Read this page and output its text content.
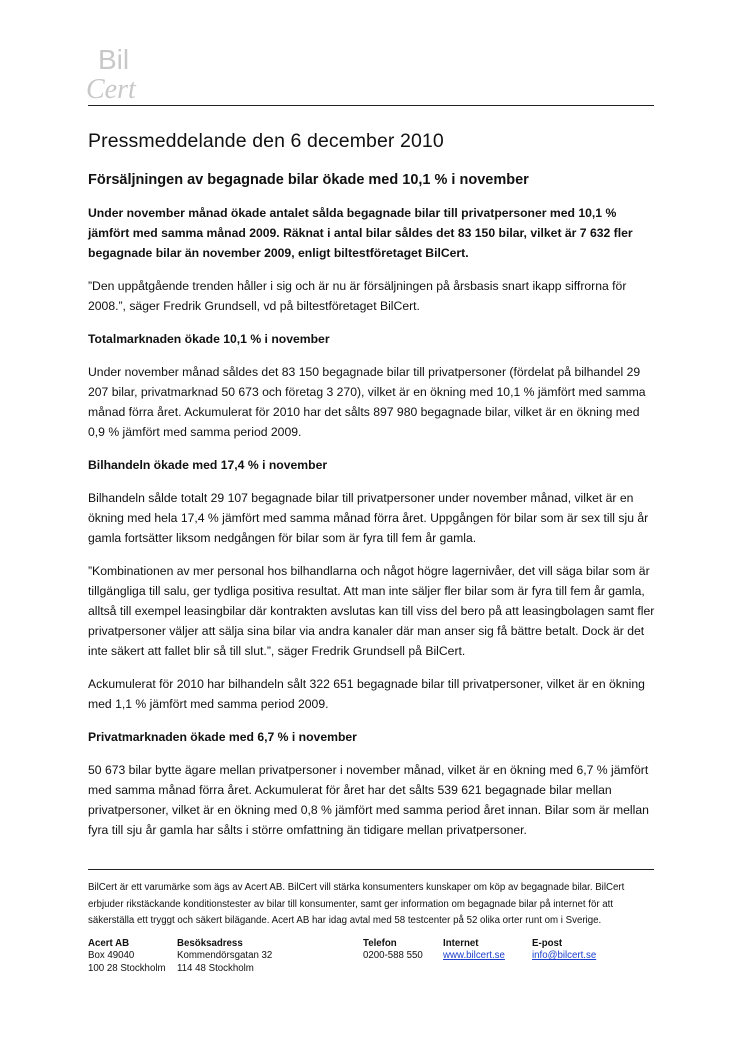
Bil
Cert
Pressmeddelande den 6 december 2010
Försäljningen av begagnade bilar ökade med 10,1 % i november

Under november månad ökade antalet sålda begagnade bilar till privatpersoner med 10,1 % jämfört med samma månad 2009. Räknat i antal bilar såldes det 83 150 bilar, vilket är 7 632 fler begagnade bilar än november 2009, enligt biltestföretaget BilCert.

”Den uppåtgående trenden håller i sig och är nu är försäljningen på årsbasis snart ikapp siffrorna för 2008.”, säger Fredrik Grundsell, vd på biltestföretaget BilCert.

Totalmarknaden ökade 10,1 % i november

Under november månad såldes det 83 150 begagnade bilar till privatpersoner (fördelat på bilhandel 29 207 bilar, privatmarknad 50 673 och företag 3 270), vilket är en ökning med 10,1 % jämfört med samma månad förra året. Ackumulerat för 2010 har det sålts 897 980 begagnade bilar, vilket är en ökning med 0,9 % jämfört med samma period 2009.

Bilhandeln ökade med 17,4 % i november

Bilhandeln sålde totalt 29 107 begagnade bilar till privatpersoner under november månad, vilket är en ökning med hela 17,4 % jämfört med samma månad förra året. Uppgången för bilar som är sex till sju år gamla fortsätter liksom nedgången för bilar som är fyra till fem år gamla.

”Kombinationen av mer personal hos bilhandlarna och något högre lagernivåer, det vill säga bilar som är tillgängliga till salu, ger tydliga positiva resultat. Att man inte säljer fler bilar som är fyra till fem år gamla, alltså till exempel leasingbilar där kontrakten avslutas kan till viss del bero på att leasingbolagen samt fler privatpersoner väljer att sälja sina bilar via andra kanaler där man anser sig få bättre betalt. Dock är det inte säkert att fallet blir så till slut.”, säger Fredrik Grundsell på BilCert.

Ackumulerat för 2010 har bilhandeln sålt 322 651 begagnade bilar till privatpersoner, vilket är en ökning med 1,1 % jämfört med samma period 2009.

Privatmarknaden ökade med 6,7 % i november

50 673 bilar bytte ägare mellan privatpersoner i november månad, vilket är en ökning med 6,7 % jämfört med samma månad förra året. Ackumulerat för året har det sålts 539 621 begagnade bilar mellan privatpersoner, vilket är en ökning med 0,8 % jämfört med samma period året innan. Bilar som är mellan fyra till sju år gamla har sålts i större omfattning än tidigare mellan privatpersoner.

BilCert är ett varumärke som ägs av Acert AB. BilCert vill stärka konsumenters kunskaper om köp av begagnade bilar. BilCert erbjuder rikstäckande konditionstester av bilar till konsumenter, samt ger information om begagnade bilar på internet för att säkerställa ett tryggt och säkert bilägande. Acert AB har idag avtal med 58 testcenter på 52 olika orter runt om i Sverige.
Acert AB
Box 49040
100 28 Stockholm
Besöksadress
Kommendörsgatan 32
114 48 Stockholm
Telefon
0200-588 550
Internet
www.bilcert.se
E-post
info@bilcert.se
